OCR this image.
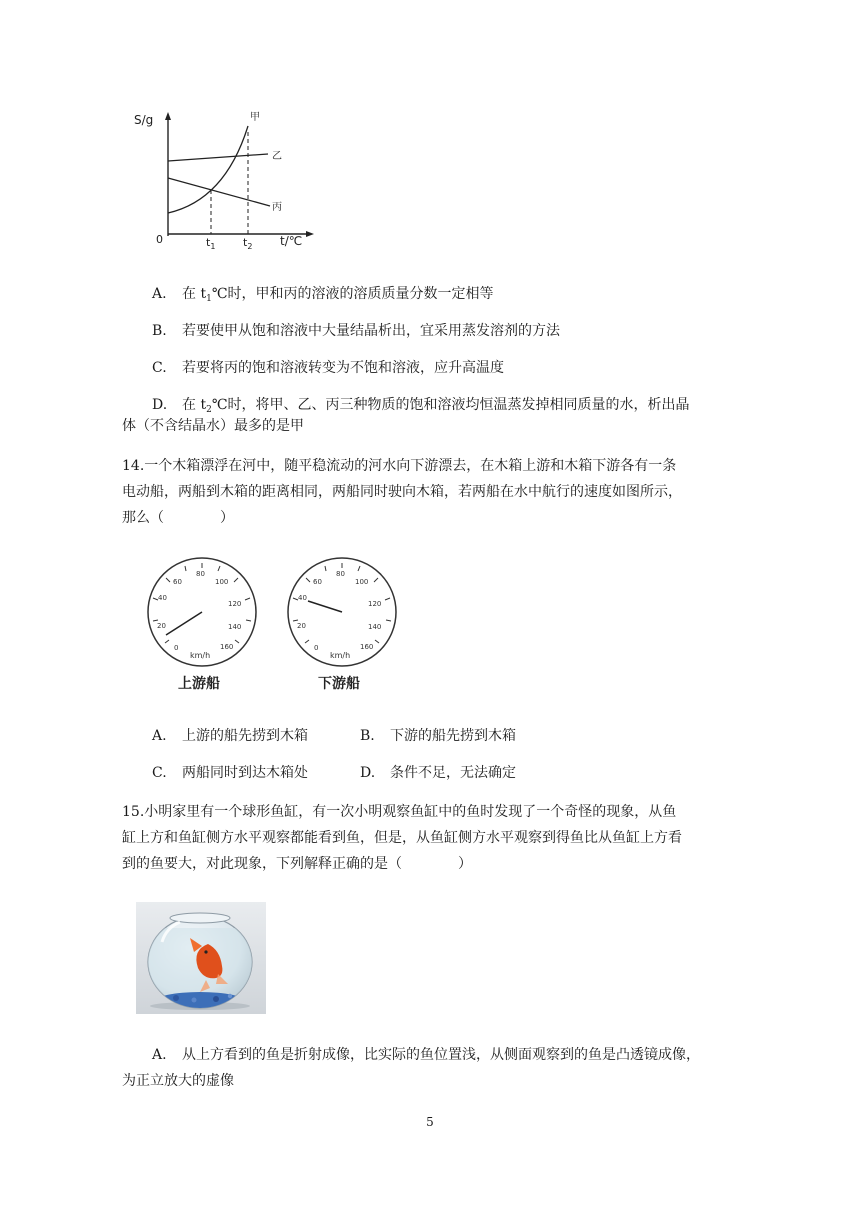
S/g
t/℃
0
甲
乙
丙
$t_1$	$t_2$
A. 在 $t_1℃$时，甲和丙的溶液的溶质质量分数一定相等
B. 若要使甲从饱和溶液中大量结晶析出，宜采用蒸发溶剂的方法
C. 若要将丙的饱和溶液转变为不饱和溶液，应升高温度
D. 在 $t_2℃$时，将甲、乙、丙三种物质的饱和溶液均恒温蒸发掉相同质量的水，析出晶
体（不含结晶水）最多的是甲
14.一个木箱漂浮在河中，随平稳流动的河水向下游漂去，在木箱上游和木箱下游各有一条
电动船，两船到木箱的距离相同，两船同时驶向木箱，若两船在水中航行的速度如图所示，
那么（　　　　）
20
40
60
80
100
120
140
160
0
km/h
上游船
20
40
60
80
100
120
140
160
0
km/h
下游船
A. 上游的船先捞到木箱	B. 下游的船先捞到木箱
C. 两船同时到达木箱处	D. 条件不足，无法确定
15.小明家里有一个球形鱼缸，有一次小明观察鱼缸中的鱼时发现了一个奇怪的现象，从鱼
缸上方和鱼缸侧方水平观察都能看到鱼，但是，从鱼缸侧方水平观察到得鱼比从鱼缸上方看
到的鱼要大，对此现象，下列解释正确的是（　　　　）
A. 从上方看到的鱼是折射成像，比实际的鱼位置浅，从侧面观察到的鱼是凸透镜成像，
为正立放大的虚像
5
